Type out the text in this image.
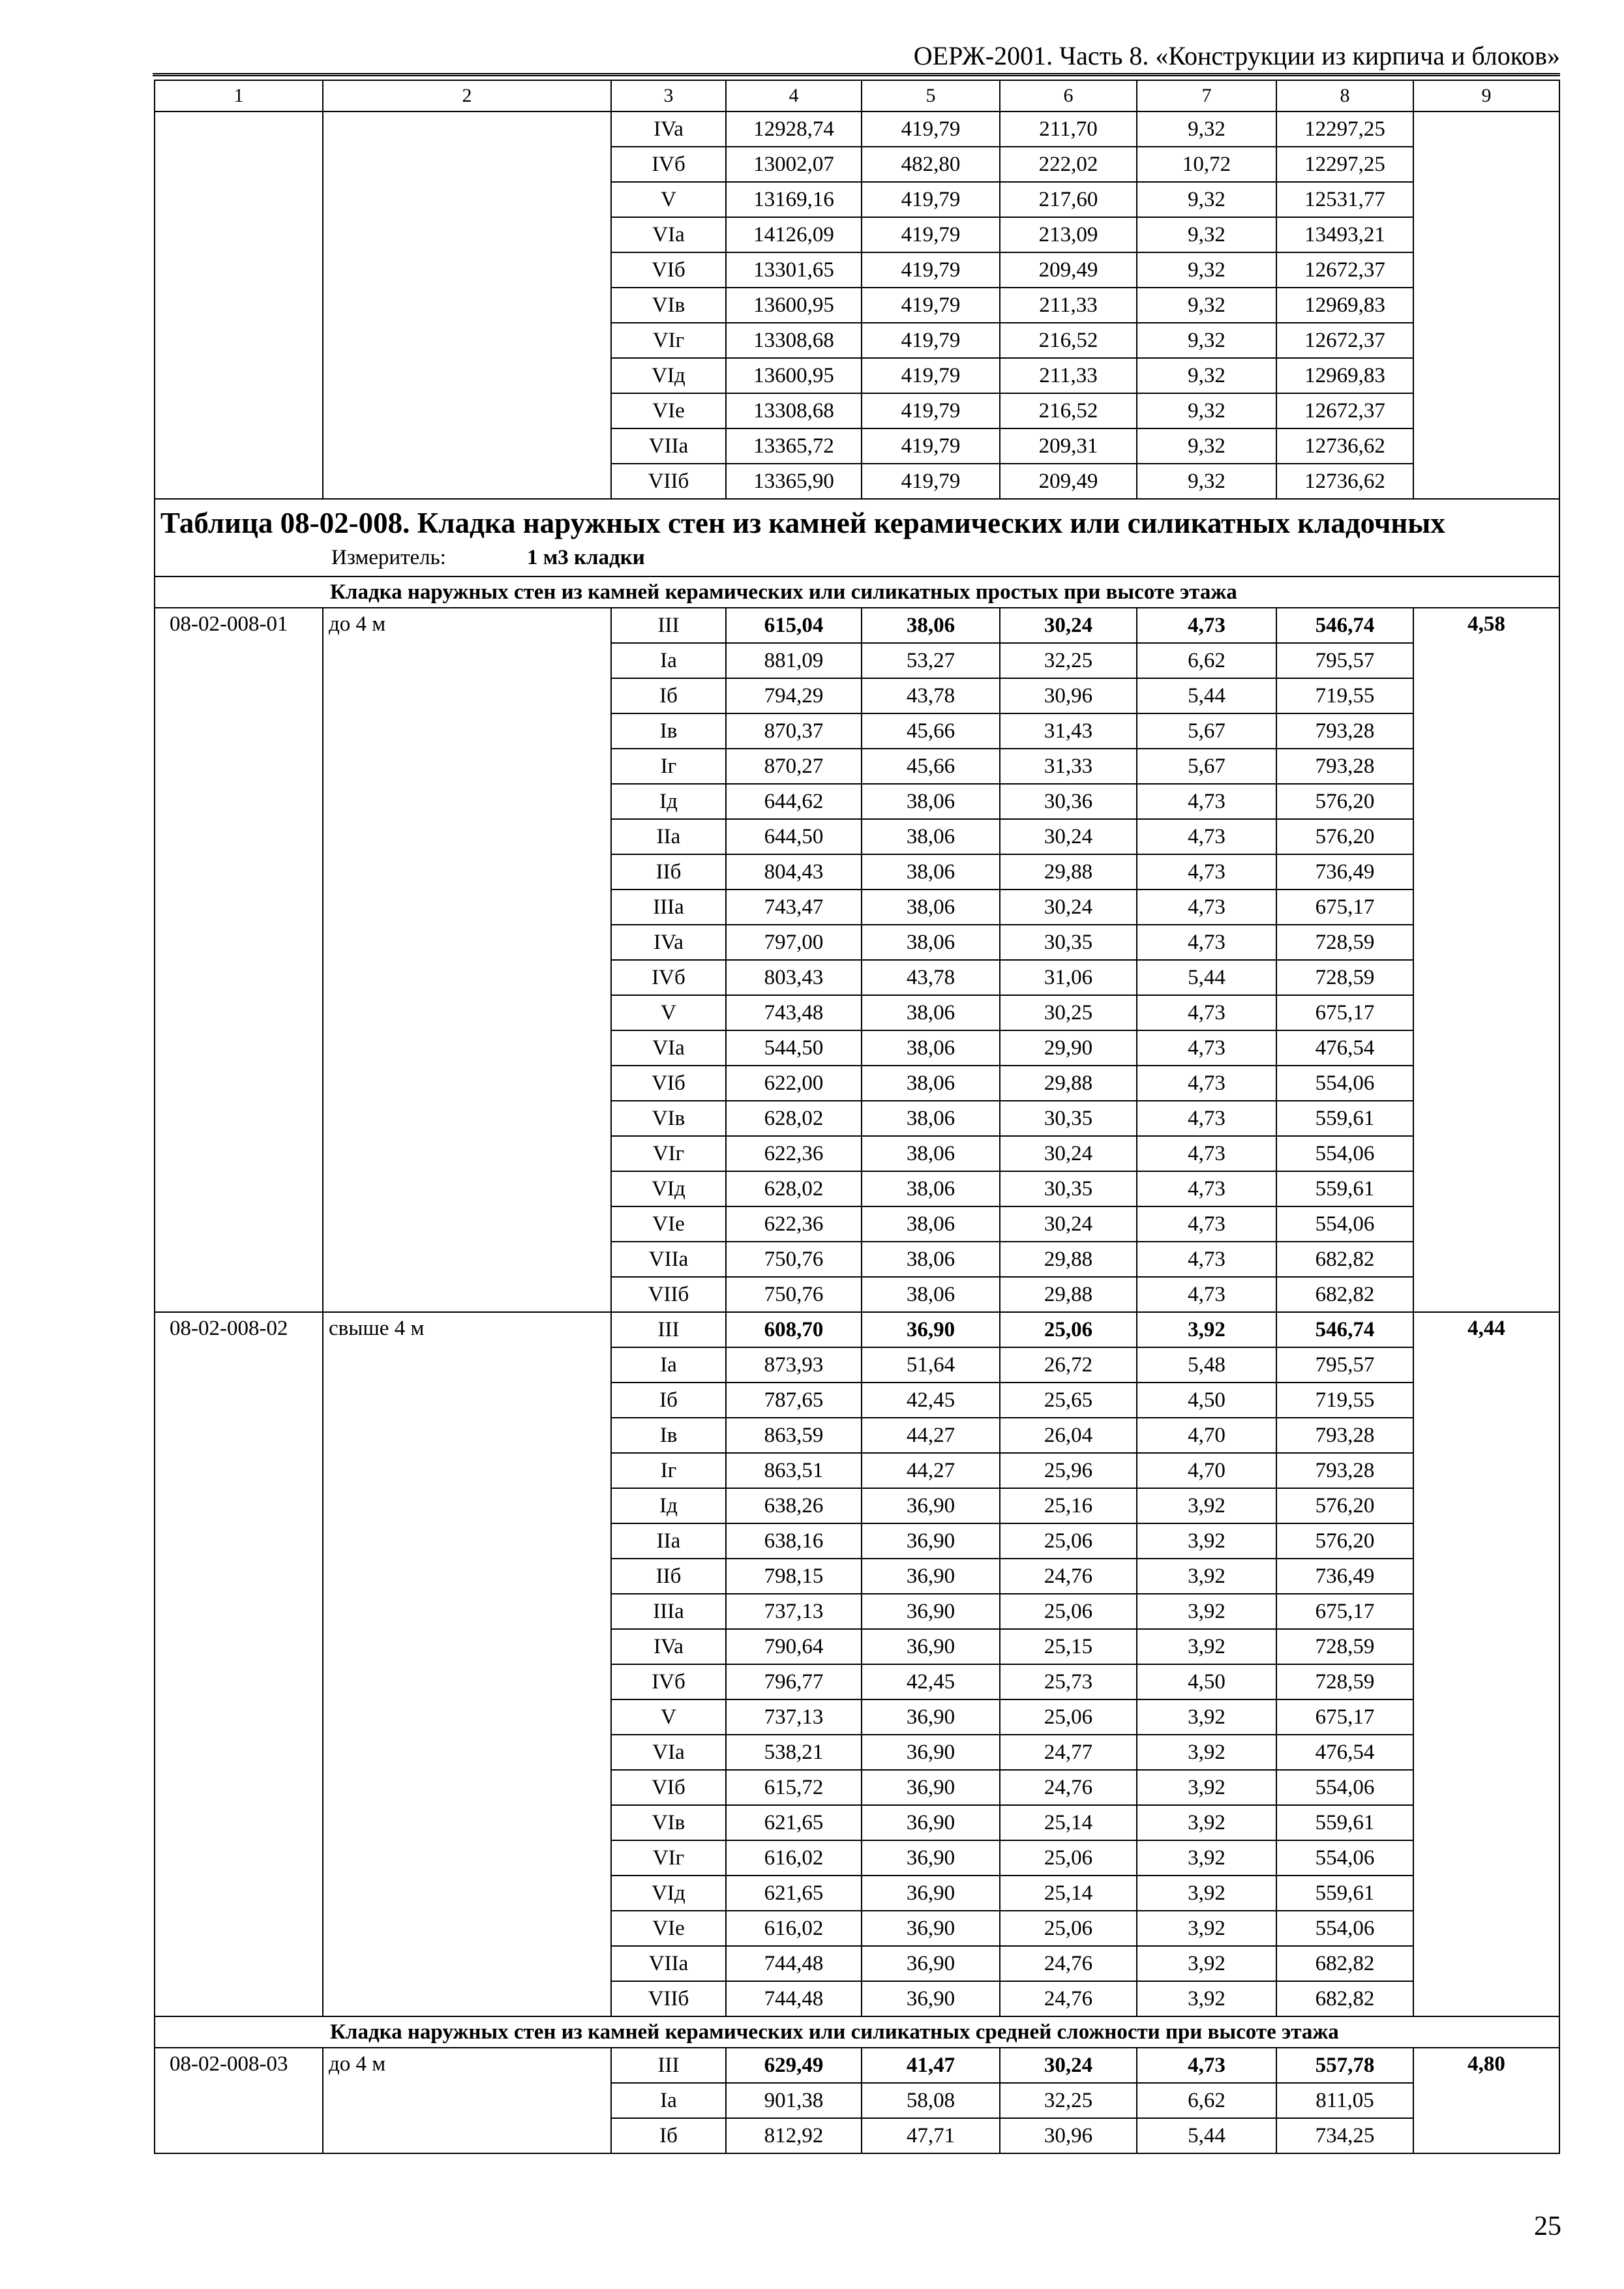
ОЕРЖ-2001. Часть 8. «Конструкции из кирпича и блоков»
1	2	3	4	5	6	7	8	9
		IVa	12928,74	419,79	211,70	9,32	12297,25	
		IVб	13002,07	482,80	222,02	10,72	12297,25	
		V	13169,16	419,79	217,60	9,32	12531,77	
		VIa	14126,09	419,79	213,09	9,32	13493,21	
		VIб	13301,65	419,79	209,49	9,32	12672,37	
		VIв	13600,95	419,79	211,33	9,32	12969,83	
		VIг	13308,68	419,79	216,52	9,32	12672,37	
		VIд	13600,95	419,79	211,33	9,32	12969,83	
		VIe	13308,68	419,79	216,52	9,32	12672,37	
		VIIa	13365,72	419,79	209,31	9,32	12736,62	
		VIIб	13365,90	419,79	209,49	9,32	12736,62	

Таблица 08-02-008. Кладка наружных стен из камней керамических или силикатных кладочных
Измеритель: 1 м3 кладки								

Кладка наружных стен из камней керамических или силикатных простых при высоте этажа								
08-02-008-01	до 4 м	III	615,04	38,06	30,24	4,73	546,74	4,58
		Ia	881,09	53,27	32,25	6,62	795,57	
		Iб	794,29	43,78	30,96	5,44	719,55	
		Iв	870,37	45,66	31,43	5,67	793,28	
		Iг	870,27	45,66	31,33	5,67	793,28	
		Iд	644,62	38,06	30,36	4,73	576,20	
		IIa	644,50	38,06	30,24	4,73	576,20	
		IIб	804,43	38,06	29,88	4,73	736,49	
		IIIa	743,47	38,06	30,24	4,73	675,17	
		IVa	797,00	38,06	30,35	4,73	728,59	
		IVб	803,43	43,78	31,06	5,44	728,59	
		V	743,48	38,06	30,25	4,73	675,17	
		VIa	544,50	38,06	29,90	4,73	476,54	
		VIб	622,00	38,06	29,88	4,73	554,06	
		VIв	628,02	38,06	30,35	4,73	559,61	
		VIг	622,36	38,06	30,24	4,73	554,06	
		VIд	628,02	38,06	30,35	4,73	559,61	
		VIe	622,36	38,06	30,24	4,73	554,06	
		VIIa	750,76	38,06	29,88	4,73	682,82	
		VIIб	750,76	38,06	29,88	4,73	682,82	
08-02-008-02	свыше 4 м	III	608,70	36,90	25,06	3,92	546,74	4,44
		Ia	873,93	51,64	26,72	5,48	795,57	
		Iб	787,65	42,45	25,65	4,50	719,55	
		Iв	863,59	44,27	26,04	4,70	793,28	
		Iг	863,51	44,27	25,96	4,70	793,28	
		Iд	638,26	36,90	25,16	3,92	576,20	
		IIa	638,16	36,90	25,06	3,92	576,20	
		IIб	798,15	36,90	24,76	3,92	736,49	
		IIIa	737,13	36,90	25,06	3,92	675,17	
		IVa	790,64	36,90	25,15	3,92	728,59	
		IVб	796,77	42,45	25,73	4,50	728,59	
		V	737,13	36,90	25,06	3,92	675,17	
		VIa	538,21	36,90	24,77	3,92	476,54	
		VIб	615,72	36,90	24,76	3,92	554,06	
		VIв	621,65	36,90	25,14	3,92	559,61	
		VIг	616,02	36,90	25,06	3,92	554,06	
		VIд	621,65	36,90	25,14	3,92	559,61	
		VIe	616,02	36,90	25,06	3,92	554,06	
		VIIa	744,48	36,90	24,76	3,92	682,82	
		VIIб	744,48	36,90	24,76	3,92	682,82	
Кладка наружных стен из камней керамических или силикатных средней сложности при высоте этажа								
08-02-008-03	до 4 м	III	629,49	41,47	30,24	4,73	557,78	4,80
		Ia	901,38	58,08	32,25	6,62	811,05	
		Iб	812,92	47,71	30,96	5,44	734,25	
25
